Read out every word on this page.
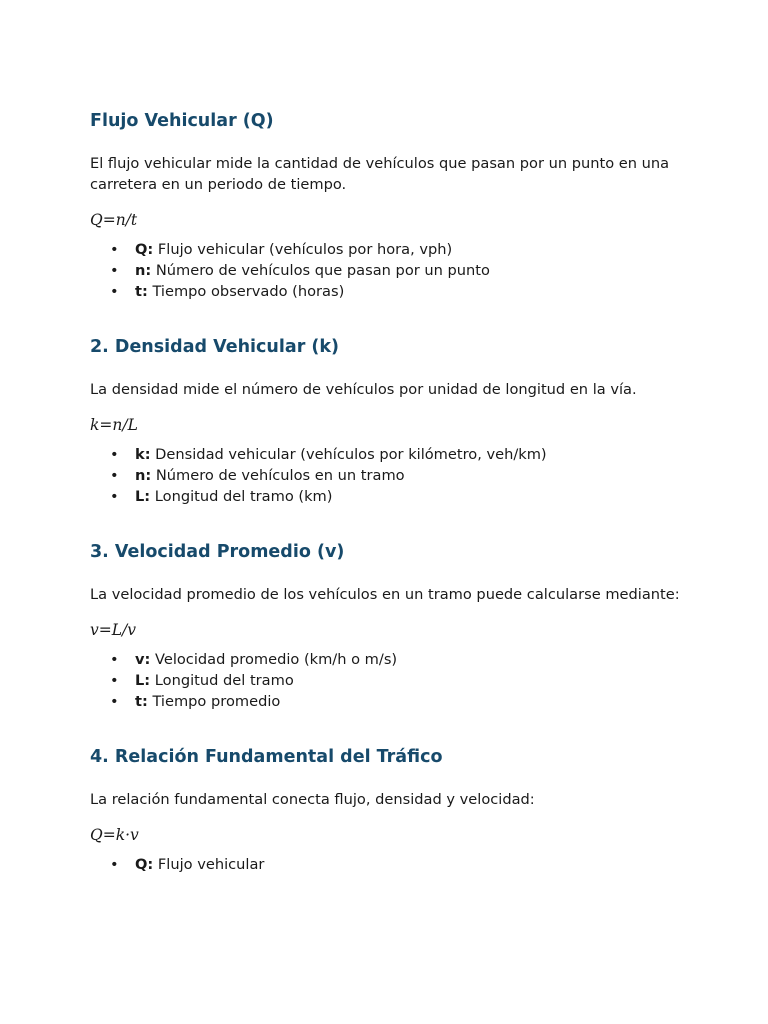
Flujo Vehicular (Q)
El flujo vehicular mide la cantidad de vehículos que pasan por un punto en una carretera en un periodo de tiempo.
Q=n/t
• Q: Flujo vehicular (vehículos por hora, vph)
• n: Número de vehículos que pasan por un punto
• t: Tiempo observado (horas)
2. Densidad Vehicular (k)
La densidad mide el número de vehículos por unidad de longitud en la vía.
k=n/L
• k: Densidad vehicular (vehículos por kilómetro, veh/km)
• n: Número de vehículos en un tramo
• L: Longitud del tramo (km)
3. Velocidad Promedio (v)
La velocidad promedio de los vehículos en un tramo puede calcularse mediante:
v=L/v
• v: Velocidad promedio (km/h o m/s)
• L: Longitud del tramo
• t: Tiempo promedio
4. Relación Fundamental del Tráfico
La relación fundamental conecta flujo, densidad y velocidad:
Q=k·v
• Q: Flujo vehicular
